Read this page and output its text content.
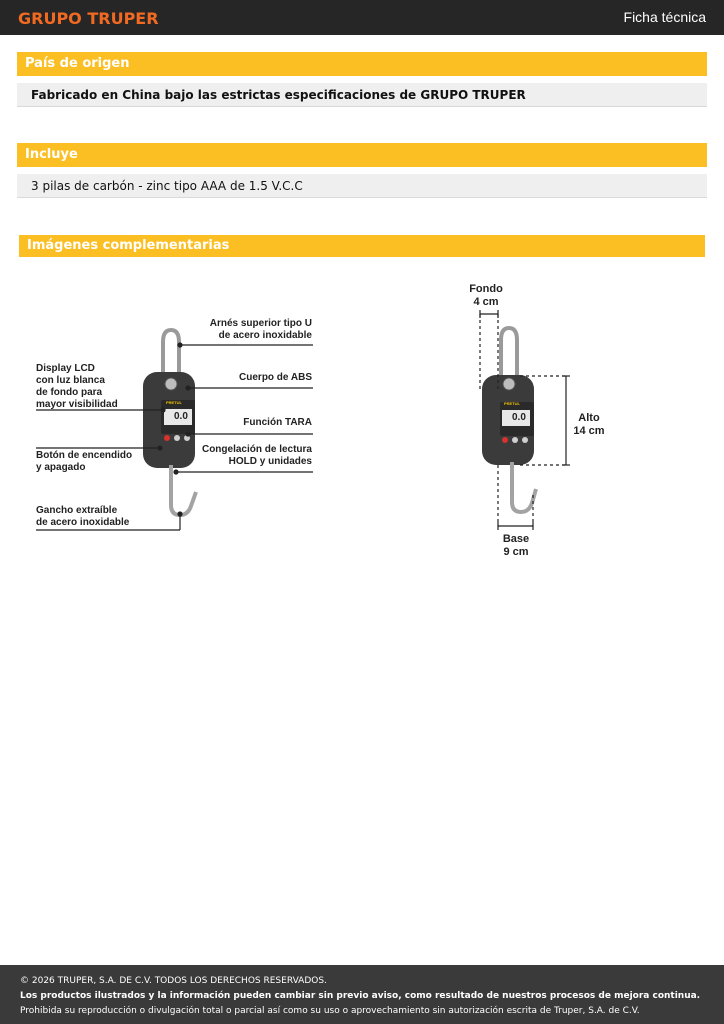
GRUPO TRUPER	Ficha técnica
País de origen
Fabricado en China bajo las estrictas especificaciones de GRUPO TRUPER
Incluye
3 pilas de carbón - zinc tipo AAA de 1.5 V.C.C
Imágenes complementarias
PRETUL
0.0
Arnés superior tipo U
de acero inoxidable
Cuerpo de ABS
Display LCD
con luz blanca
de fondo para
mayor visibilidad
Función TARA
Botón de encendido
y apagado
Congelación de lectura
HOLD y unidades
Gancho extraíble
de acero inoxidable
PRETUL
0.0
Fondo
4 cm
Alto
14 cm
Base
9 cm
© 2026 TRUPER, S.A. DE C.V. TODOS LOS DERECHOS RESERVADOS.
Los productos ilustrados y la información pueden cambiar sin previo aviso, como resultado de nuestros procesos de mejora continua.
Prohibida su reproducción o divulgación total o parcial así como su uso o aprovechamiento sin autorización escrita de Truper, S.A. de C.V.
